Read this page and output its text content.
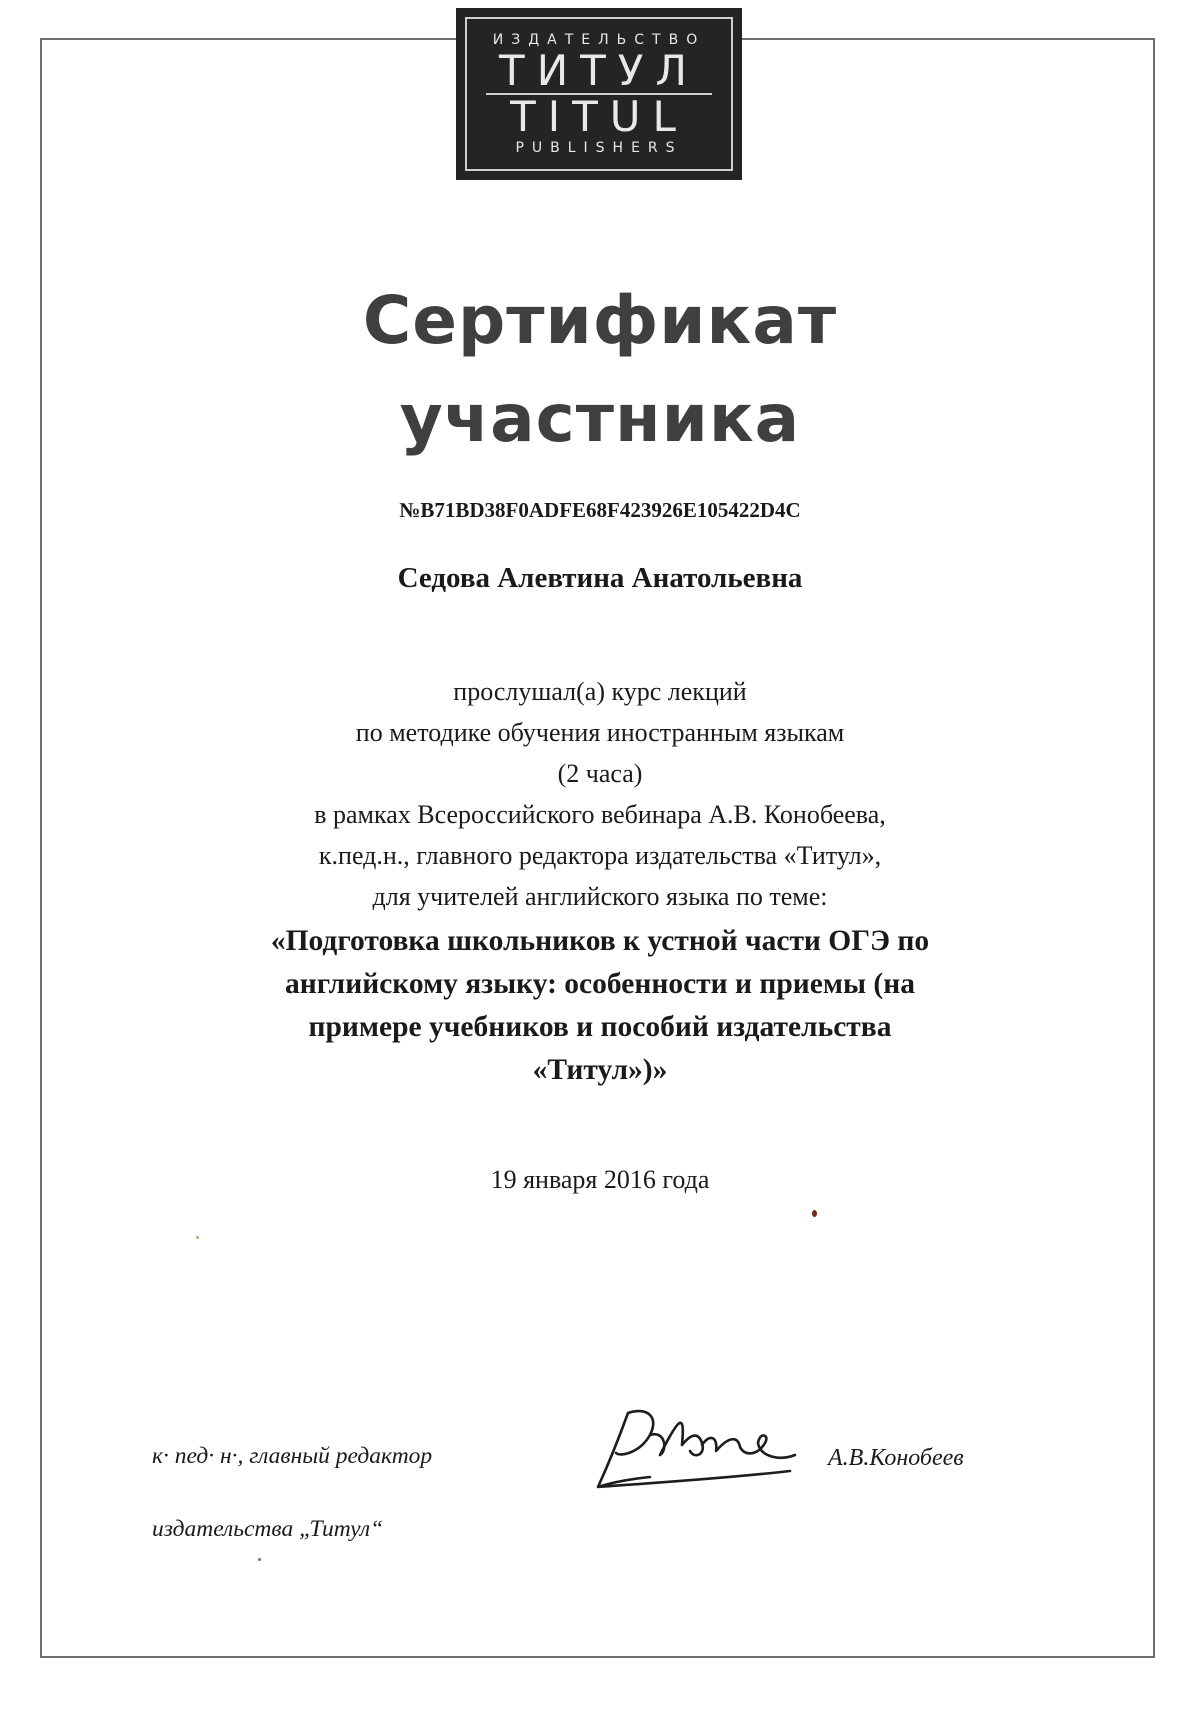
ИЗДАТЕЛЬСТВО
ТИТУЛ
TITUL
PUBLISHERS
Сертификат
участника
№B71BD38F0ADFE68F423926E105422D4C
Седова Алевтина Анатольевна
прослушал(а) курс лекций
по методике обучения иностранным языкам
(2 часа)
в рамках Всероссийского вебинара А.В. Конобеева,
к.пед.н., главного редактора издательства «Титул»,
для учителей английского языка по теме:
«Подготовка школьников к устной части ОГЭ по
английскому языку: особенности и приемы (на
примере учебников и пособий издательства
«Титул»)»
19 января 2016 года
к· пед· н·, главный редактор
издательства „Титул“
А.В.Конобеев
